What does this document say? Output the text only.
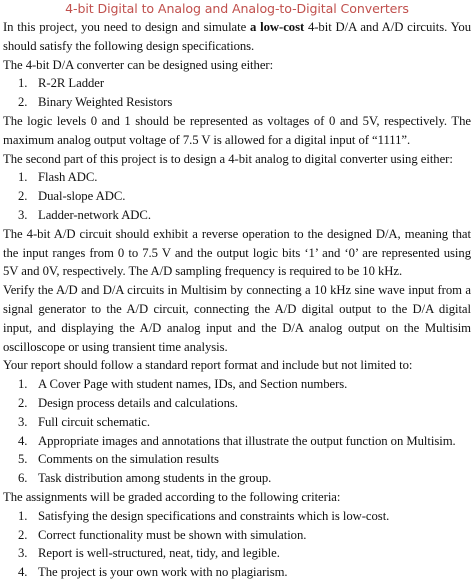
4-bit Digital to Analog and Analog-to-Digital Converters

In this project, you need to design and simulate a low-cost 4-bit D/A and A/D circuits. You should satisfy the following design specifications.

The 4-bit D/A converter can be designed using either:

1. R-2R Ladder
2. Binary Weighted Resistors

The logic levels 0 and 1 should be represented as voltages of 0 and 5V, respectively. The maximum analog output voltage of 7.5 V is allowed for a digital input of “1111”.

The second part of this project is to design a 4-bit analog to digital converter using either:

1. Flash ADC.
2. Dual-slope ADC.
3. Ladder-network ADC.

The 4-bit A/D circuit should exhibit a reverse operation to the designed D/A, meaning that the input ranges from 0 to 7.5 V and the output logic bits ‘1’ and ‘0’ are represented using 5V and 0V, respectively. The A/D sampling frequency is required to be 10 kHz.

Verify the A/D and D/A circuits in Multisim by connecting a 10 kHz sine wave input from a signal generator to the A/D circuit, connecting the A/D digital output to the D/A digital input, and displaying the A/D analog input and the D/A analog output on the Multisim oscilloscope or using transient time analysis.

Your report should follow a standard report format and include but not limited to:

1. A Cover Page with student names, IDs, and Section numbers.
2. Design process details and calculations.
3. Full circuit schematic.
4. Appropriate images and annotations that illustrate the output function on Multisim.
5. Comments on the simulation results
6. Task distribution among students in the group.

The assignments will be graded according to the following criteria:

1. Satisfying the design specifications and constraints which is low-cost.
2. Correct functionality must be shown with simulation.
3. Report is well-structured, neat, tidy, and legible.
4. The project is your own work with no plagiarism.
